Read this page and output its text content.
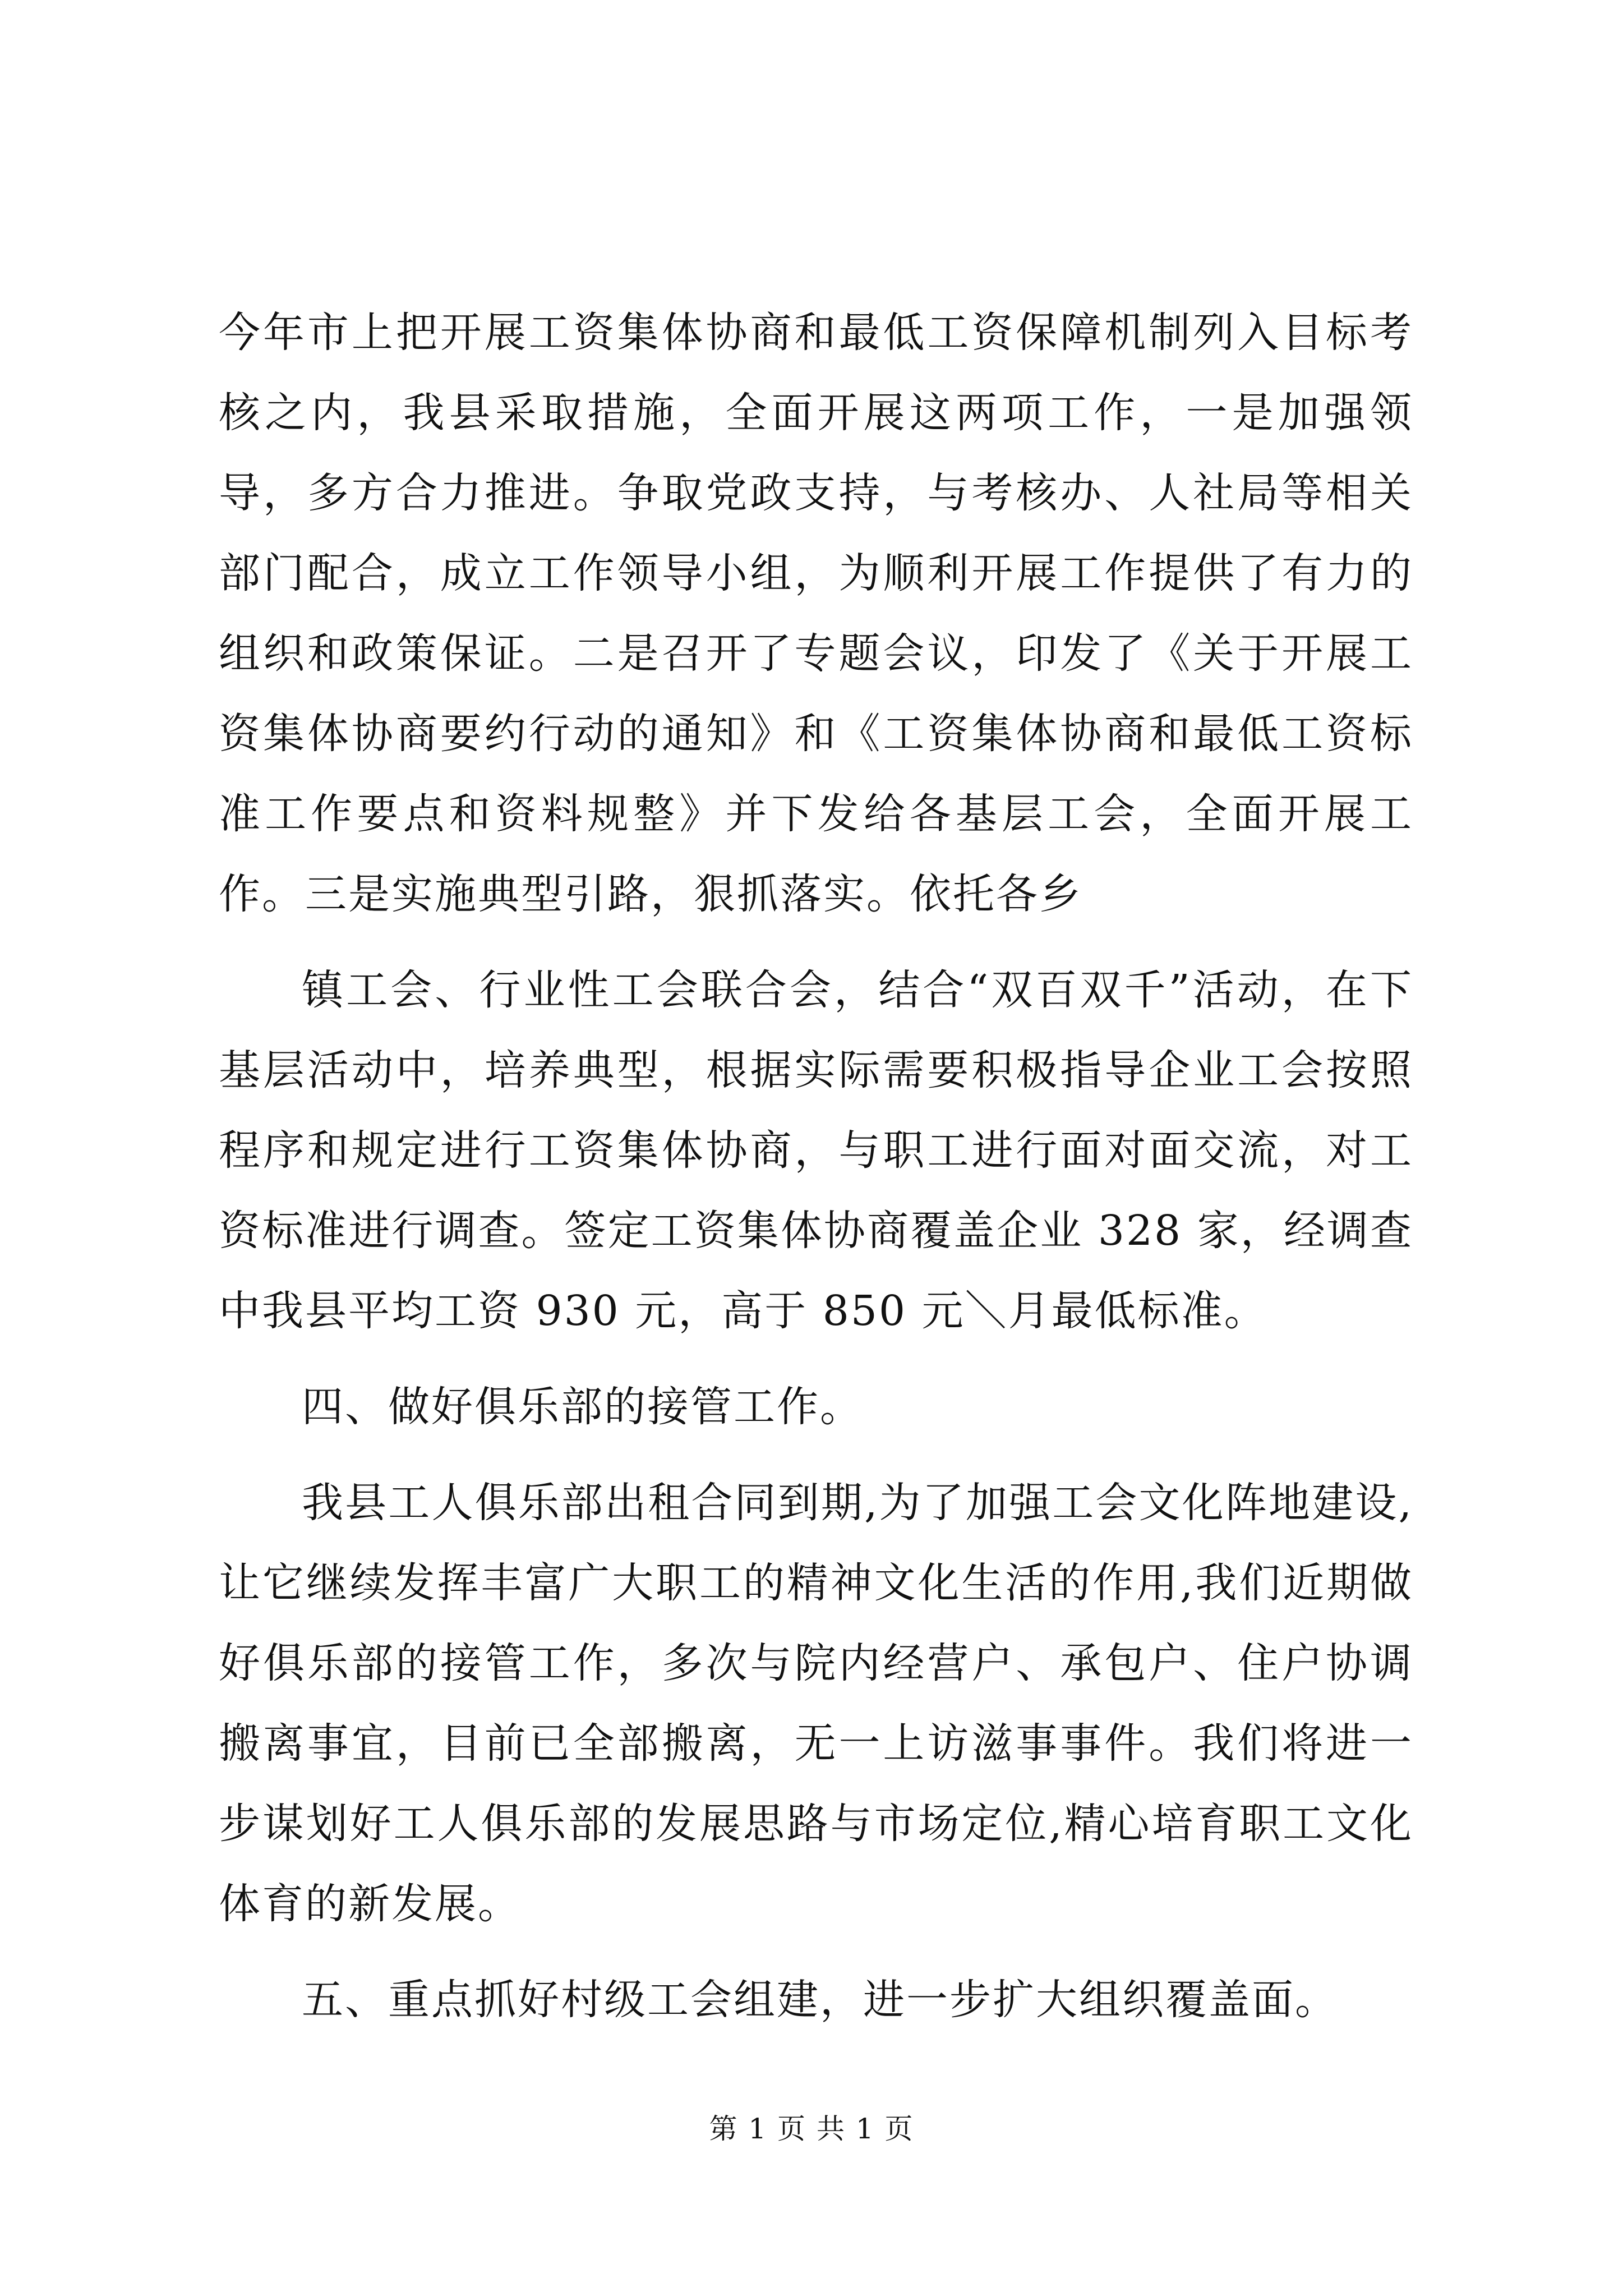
今年市上把开展工资集体协商和最低工资保障机制列入目标考核之内，我县采取措施，全面开展这两项工作，一是加强领导，多方合力推进。争取党政支持，与考核办、人社局等相关部门配合，成立工作领导小组，为顺利开展工作提供了有力的组织和政策保证。二是召开了专题会议，印发了《关于开展工资集体协商要约行动的通知》和《工资集体协商和最低工资标准工作要点和资料规整》并下发给各基层工会，全面开展工作。三是实施典型引路，狠抓落实。依托各乡

镇工会、行业性工会联合会，结合“双百双千”活动，在下基层活动中，培养典型，根据实际需要积极指导企业工会按照程序和规定进行工资集体协商，与职工进行面对面交流，对工资标准进行调查。签定工资集体协商覆盖企业 328 家，经调查中我县平均工资 930 元，高于 850 元＼月最低标准。

四、做好俱乐部的接管工作。

我县工人俱乐部出租合同到期,为了加强工会文化阵地建设,让它继续发挥丰富广大职工的精神文化生活的作用,我们近期做好俱乐部的接管工作，多次与院内经营户、承包户、住户协调搬离事宜，目前已全部搬离，无一上访滋事事件。我们将进一步谋划好工人俱乐部的发展思路与市场定位,精心培育职工文化体育的新发展。

五、重点抓好村级工会组建，进一步扩大组织覆盖面。

第 1 页 共 1 页
